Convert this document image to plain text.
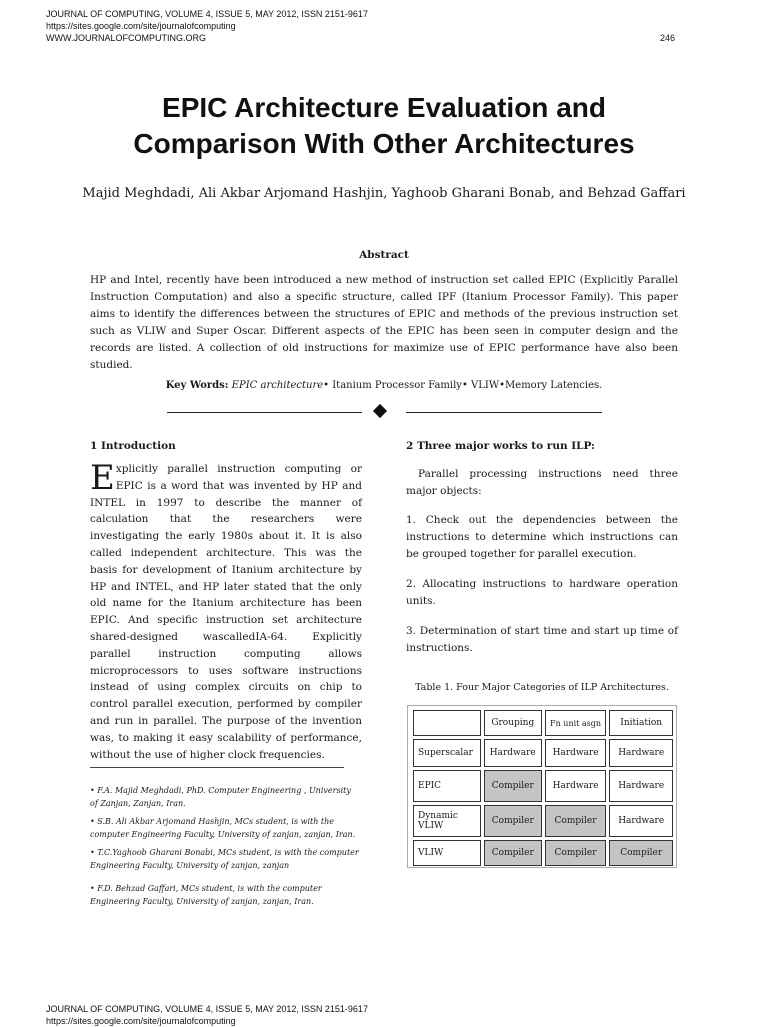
JOURNAL OF COMPUTING, VOLUME 4, ISSUE 5, MAY 2012, ISSN 2151-9617
https://sites.google.com/site/journalofcomputing
WWW.JOURNALOFCOMPUTING.ORG	246
EPIC Architecture Evaluation and
Comparison With Other Architectures
Majid Meghdadi, Ali Akbar Arjomand Hashjin, Yaghoob Gharani Bonab, and Behzad Gaffari
Abstract
HP and Intel, recently have been introduced a new method of instruction set called EPIC (Explicitly Parallel Instruction Computation) and also a specific structure, called IPF (Itanium Processor Family). This paper aims to identify the differences between the structures of EPIC and methods of the previous instruction set such as VLIW and Super Oscar. Different aspects of the EPIC has been seen in computer design and the records are listed. A collection of old instructions for maximize use of EPIC performance have also been studied.
Key Words: EPIC architecture• Itanium Processor Family• VLIW•Memory Latencies.
1 Introduction
Explicitly parallel instruction computing or EPIC is a word that was invented by HP and INTEL in 1997 to describe the manner of calculation that the researchers were investigating the early 1980s about it. It is also called independent architecture. This was the basis for development of Itanium architecture by HP and INTEL, and HP later stated that the only old name for the Itanium architecture has been EPIC. And specific instruction set architecture shared-designed wascalledIA-64. Explicitly parallel instruction computing allows microprocessors to uses software instructions instead of using complex circuits on chip to control parallel execution, performed by compiler and run in parallel. The purpose of the invention was, to making it easy scalability of performance, without the use of higher clock frequencies.

• F.A. Majid Meghdadi, PhD. Computer Engineering , University of Zanjan, Zanjan, Iran.

• S.B. Ali Akbar Arjomand Hashjin, MCs student, is with the computer Engineering Faculty, University of zanjan, zanjan, Iran.

• T.C.Yaghoob Gharani Bonabi, MCs student, is with the computer Engineering Faculty, University of zanjan, zanjan

• F.D. Behzad Gaffari, MCs student, is with the computer Engineering Faculty, University of zanjan, zanjan, Iran.

2 Three major works to run ILP:
Parallel processing instructions need three major objects:
1. Check out the dependencies between the instructions to determine which instructions can be grouped together for parallel execution.
2. Allocating instructions to hardware operation units.
3. Determination of start time and start up time of instructions.
Table 1. Four Major Categories of ILP Architectures.
	Grouping	Fn unit asgn	Initiation
Superscalar	Hardware	Hardware	Hardware
EPIC	Compiler	Hardware	Hardware
Dynamic VLIW	Compiler	Compiler	Hardware
VLIW	Compiler	Compiler	Compiler
JOURNAL OF COMPUTING, VOLUME 4, ISSUE 5, MAY 2012, ISSN 2151-9617
https://sites.google.com/site/journalofcomputing
